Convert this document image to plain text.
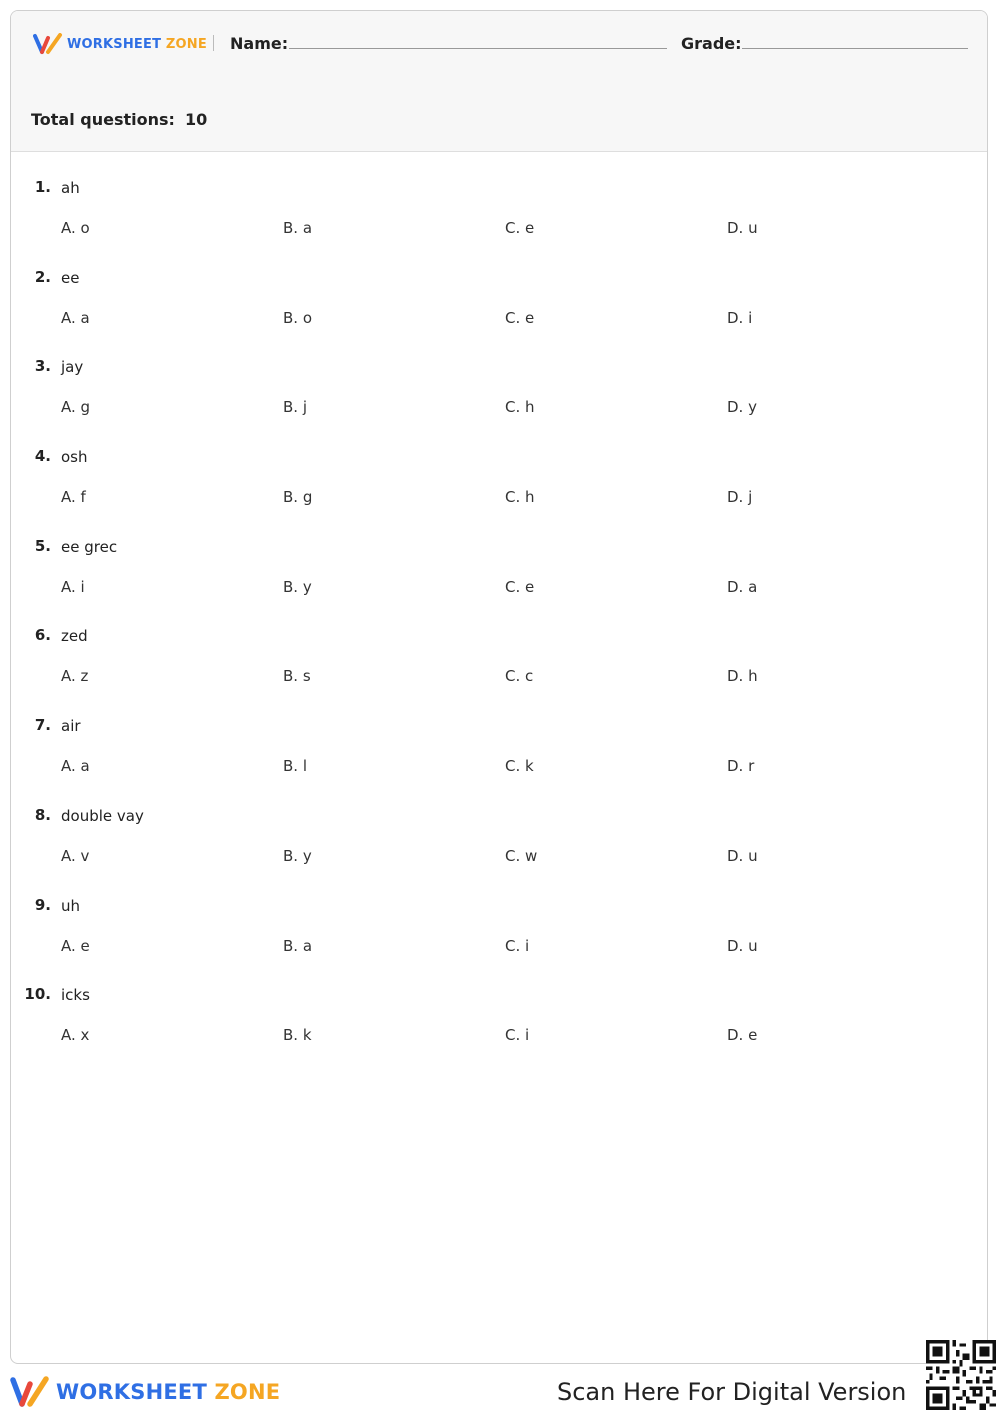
WORKSHEET ZONE Name:	Grade:
Total questions: 10
1. ah
A. o	B. a	C. e	D. u
2. ee
A. a	B. o	C. e	D. i
3. jay
A. g	B. j	C. h	D. y
4. osh
A. f	B. g	C. h	D. j
5. ee grec
A. i	B. y	C. e	D. a
6. zed
A. z	B. s	C. c	D. h
7. air
A. a	B. l	C. k	D. r
8. double vay
A. v	B. y	C. w	D. u
9. uh
A. e	B. a	C. i	D. u
10. icks
A. x	B. k	C. i	D. e
WORKSHEET ZONE	Scan Here For Digital Version
